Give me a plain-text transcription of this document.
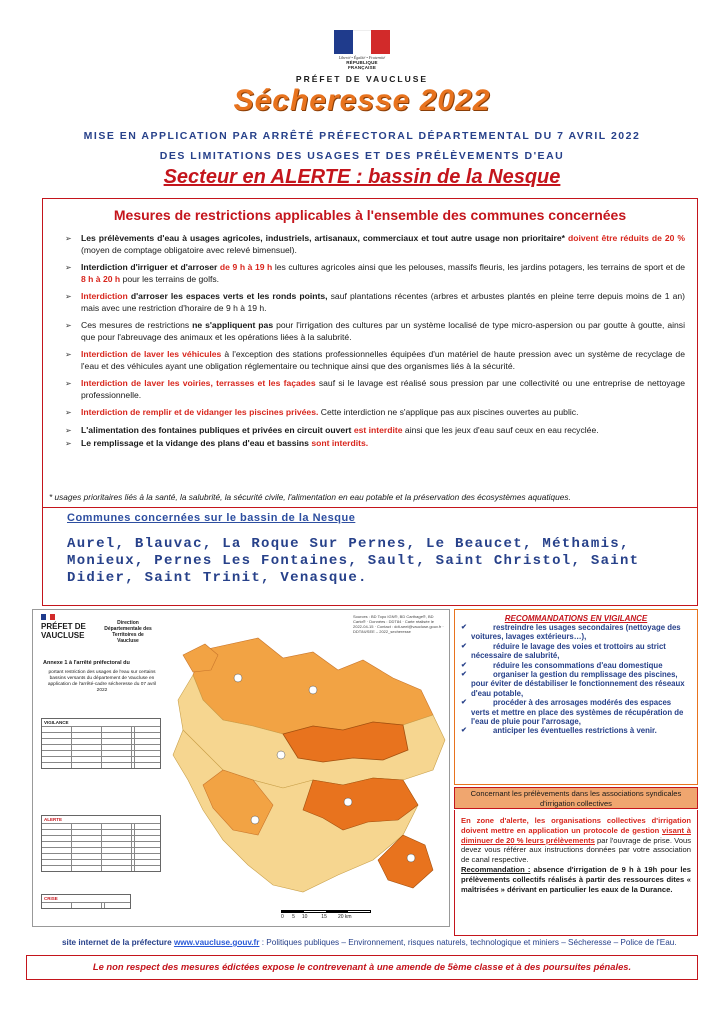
Liberté • Égalité • Fraternité
RÉPUBLIQUE FRANÇAISE
PRÉFET DE VAUCLUSE
Sécheresse 2022
MISE EN APPLICATION PAR ARRÊTÉ PRÉFECTORAL DÉPARTEMENTAL DU 7 AVRIL 2022
DES LIMITATIONS DES USAGES ET DES PRÉLÈVEMENTS D'EAU
Secteur en ALERTE : bassin de la Nesque
Mesures de restrictions applicables à l'ensemble des communes concernées
➢ Les prélèvements d'eau à usages agricoles, industriels, artisanaux, commerciaux et tout autre usage non prioritaire* doivent être réduits de 20 % (moyen de comptage obligatoire avec relevé bimensuel).
➢ Interdiction d'irriguer et d'arroser de 9 h à 19 h les cultures agricoles ainsi que les pelouses, massifs fleuris, les jardins potagers, les terrains de sport et de 8 h à 20 h pour les terrains de golfs.
➢ Interdiction d'arroser les espaces verts et les ronds points, sauf plantations récentes (arbres et arbustes plantés en pleine terre depuis moins de 1 an) mais avec une restriction d'horaire de 9 h à 19 h.
➢ Ces mesures de restrictions ne s'appliquent pas pour l'irrigation des cultures par un système localisé de type micro-aspersion ou par goutte à goutte, ainsi que pour l'abreuvage des animaux et les opérations liées à la salubrité.
➢ Interdiction de laver les véhicules à l'exception des stations professionnelles équipées d'un matériel de haute pression avec un système de recyclage de l'eau et des véhicules ayant une obligation réglementaire ou technique ainsi que des organismes liés à la sécurité.
➢ Interdiction de laver les voiries, terrasses et les façades sauf si le lavage est réalisé sous pression par une collectivité ou une entreprise de nettoyage professionnelle.
➢ Interdiction de remplir et de vidanger les piscines privées. Cette interdiction ne s'applique pas aux piscines ouvertes au public.
➢ L'alimentation des fontaines publiques et privées en circuit ouvert est interdite ainsi que les jeux d'eau sauf ceux en eau recyclée.
➢ Le remplissage et la vidange des plans d'eau et bassins sont interdits.
* usages prioritaires liés à la santé, la salubrité, la sécurité civile, l'alimentation en eau potable et la préservation des écosystèmes aquatiques.
Communes concernées sur le bassin de la Nesque

Aurel, Blauvac, La Roque Sur Pernes, Le Beaucet, Méthamis, Monieux, Pernes Les Fontaines, Sault, Saint Christol, Saint Didier, Saint Trinit, Venasque.

PRÉFET DE VAUCLUSE
Direction Départementale des Territoires de Vaucluse
Sources : BD Topo IGN®, BD Carthage®, BD Carto® · Données : DDT84 · Carte réalisée le 2022-04-15 · Contact : ddt-seel@vaucluse.gouv.fr · DDT84/SEE – 2022_secheresse
Annexe 1 à l'arrêté préfectoral du
portant restriction des usages de l'eau sur certains bassins versants du département de Vaucluse en application de l'arrêté-cadre sécheresse du 07 avril 2022
VIGILANCE
ALERTE
CRISE
0      5     10          15        20 km
RECOMMANDATIONS EN VIGILANCE
✔	restreindre les usages secondaires (nettoyage des voitures, lavages extérieurs…),
✔	réduire le lavage des voies et trottoirs au strict nécessaire de salubrité,
✔	réduire les consommations d'eau domestique
✔	organiser la gestion du remplissage des piscines, pour éviter de déstabiliser le fonctionnement des réseaux d'eau potable,
✔	procéder à des arrosages modérés des espaces verts et mettre en place des systèmes de récupération de l'eau de pluie pour l'arrosage,
✔	anticiper les éventuelles restrictions à venir.
Concernant les prélèvements dans les associations syndicales d'irrigation collectives
En zone d'alerte, les organisations collectives d'irrigation doivent mettre en application un protocole de gestion visant à diminuer de 20 % leurs prélèvements par l'ouvrage de prise. Vous devez vous référer aux instructions données par votre association de canal respective.
Recommandation : absence d'irrigation de 9 h à 19h pour les prélèvements collectifs réalisés à partir des ressources dites « maîtrisées » dérivant en particulier les eaux de la Durance.
site internet de la préfecture www.vaucluse.gouv.fr : Politiques publiques – Environnement, risques naturels, technologique et miniers – Sécheresse – Police de l'Eau.
Le non respect des mesures édictées expose le contrevenant à une amende de 5ème classe et à des poursuites pénales.
